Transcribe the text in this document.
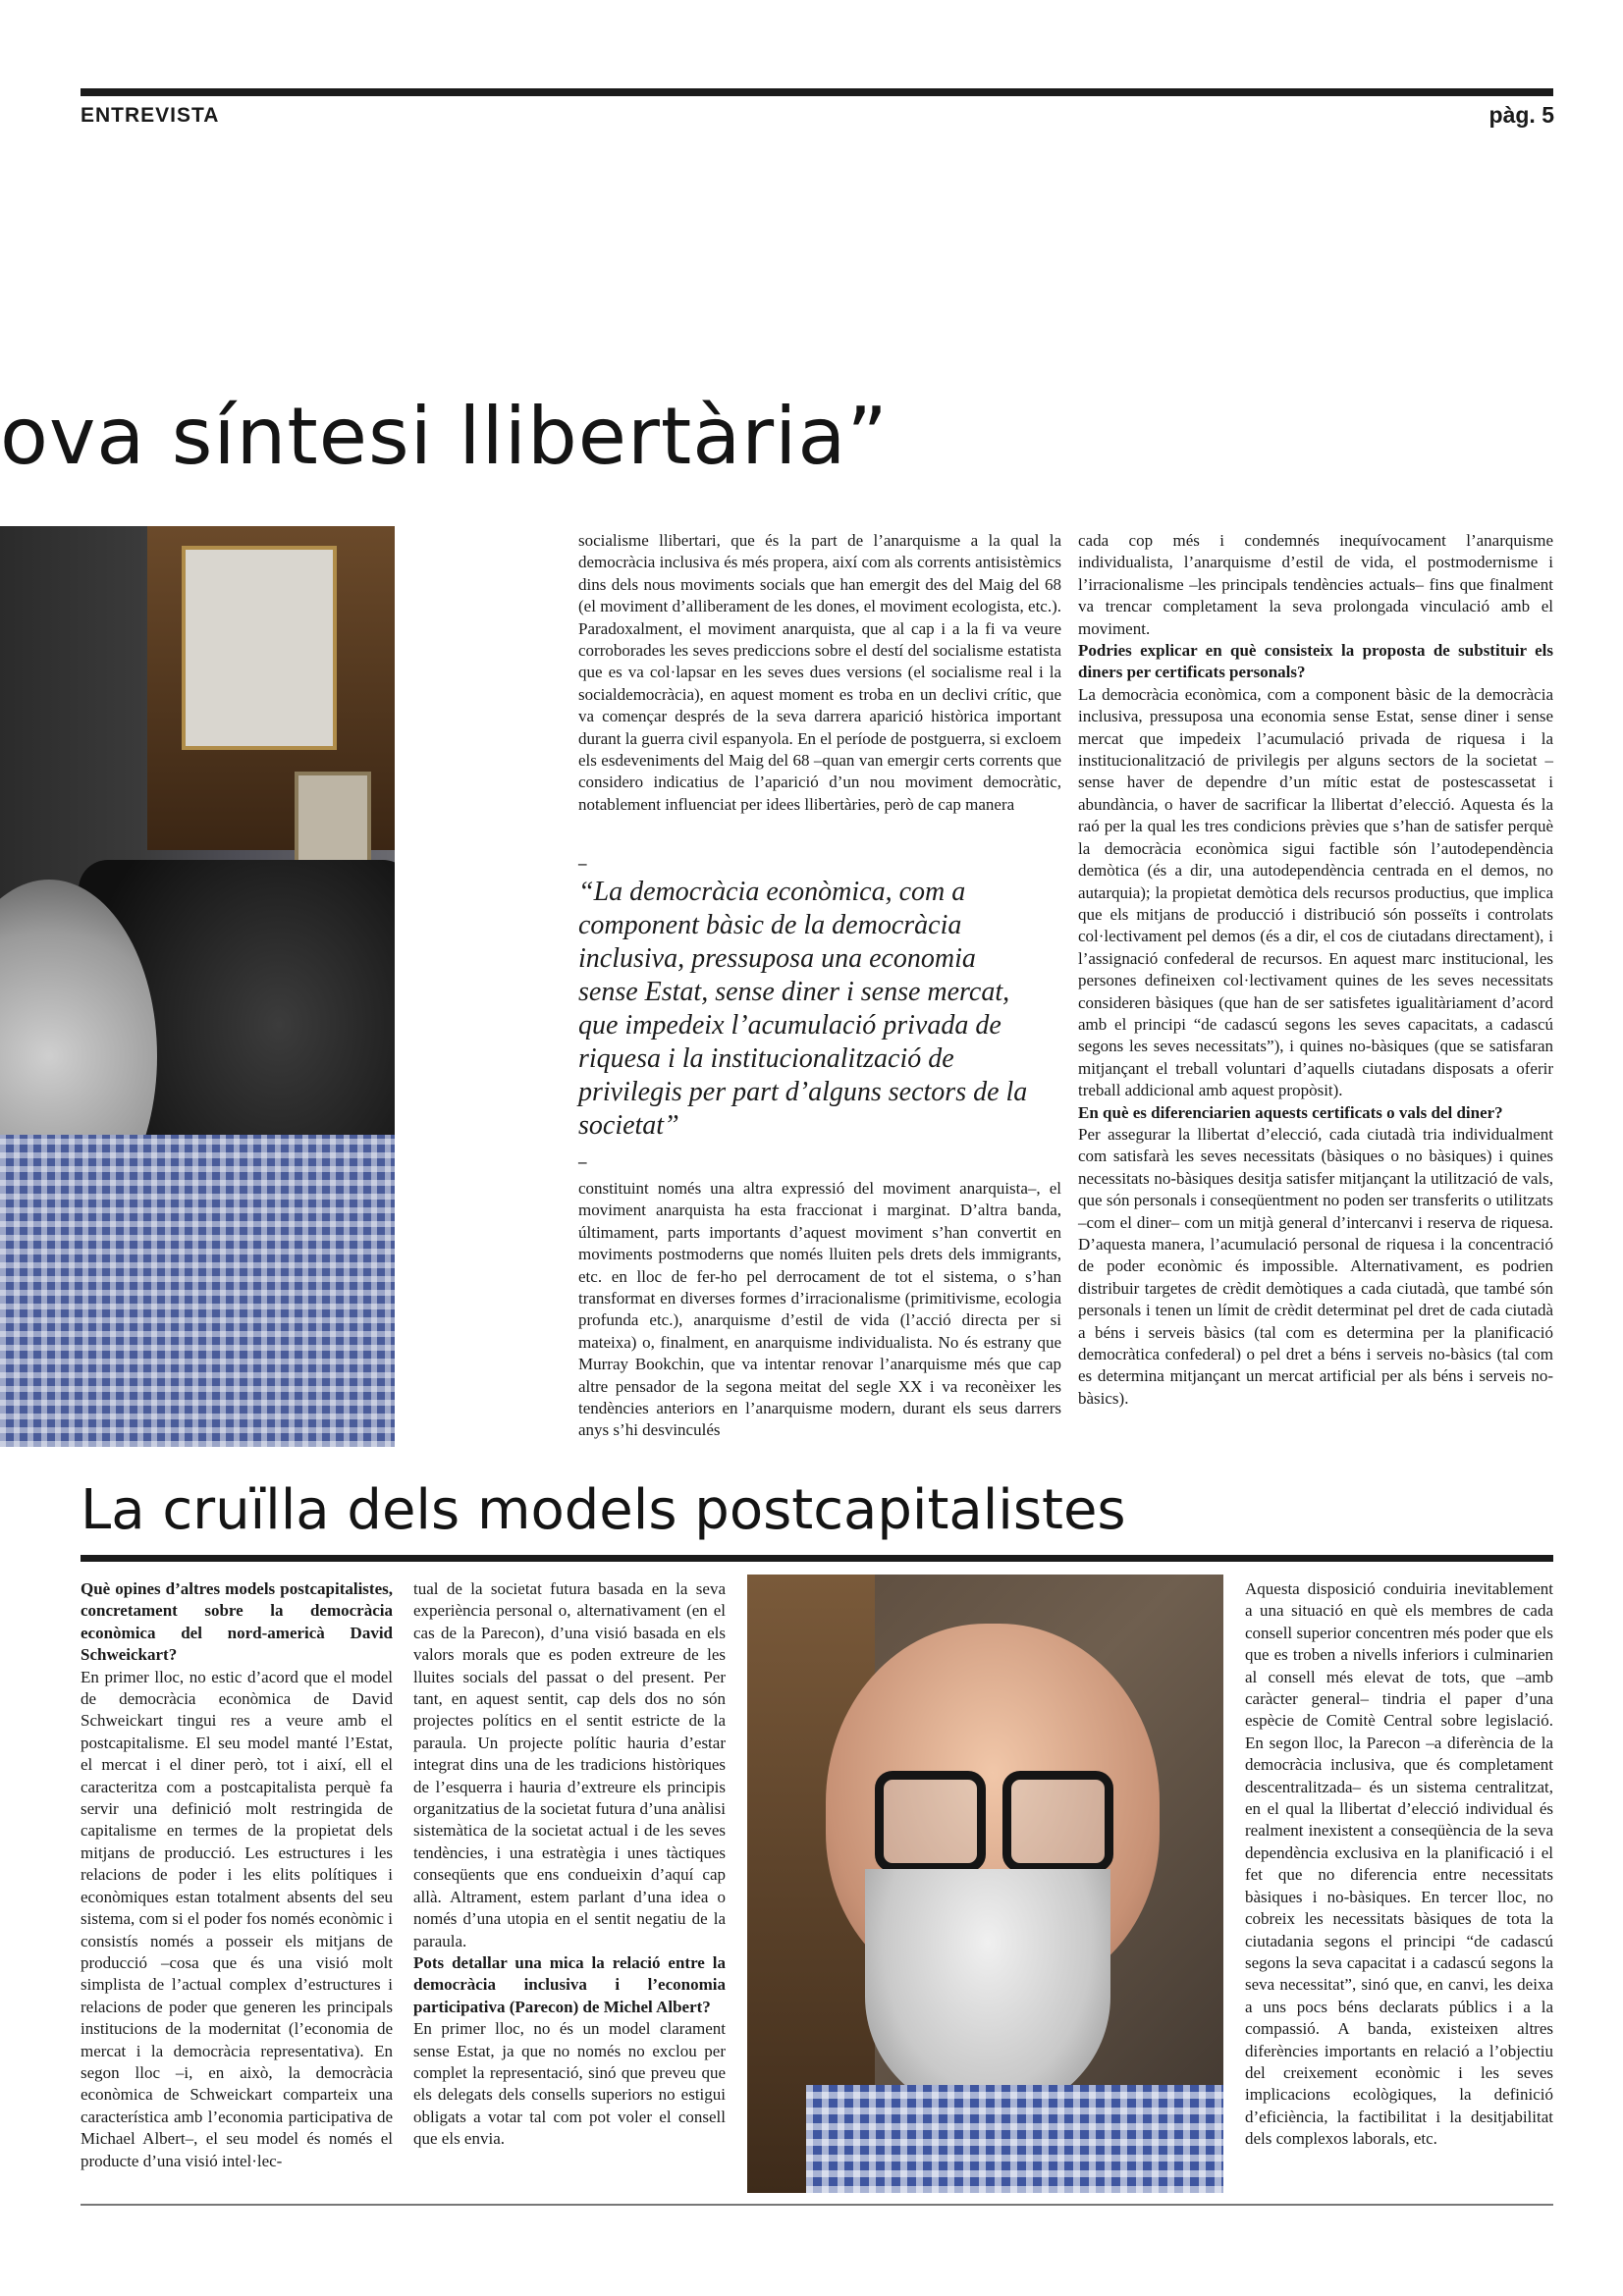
ENTREVISTA	pàg. 5
ova síntesi llibertària”

socialisme llibertari, que és la part de l’anarquisme a la qual la democràcia inclusiva és més propera, així com als corrents antisistèmics dins dels nous moviments socials que han emergit des del Maig del 68 (el moviment d’alliberament de les dones, el moviment ecologista, etc.). Paradoxalment, el moviment anarquista, que al cap i a la fi va veure corroborades les seves prediccions sobre el destí del socialisme estatista que es va col·lapsar en les seves dues versions (el socialisme real i la socialdemocràcia), en aquest moment es troba en un declivi crític, que va començar després de la seva darrera aparició històrica important durant la guerra civil espanyola. En el període de postguerra, si excloem els esdeveniments del Maig del 68 –quan van emergir certs corrents que considero indicatius de l’aparició d’un nou moviment democràtic, notablement influenciat per idees llibertàries, però de cap manera

–
“La democràcia econòmica, com a component bàsic de la democràcia inclusiva, pressuposa una economia sense Estat, sense diner i sense mercat, que impedeix l’acumulació privada de riquesa i la institucionalització de privilegis per part d’alguns sectors de la societat”
–

constituint només una altra expressió del moviment anarquista–, el moviment anarquista ha esta fraccionat i marginat. D’altra banda, últimament, parts importants d’aquest moviment s’han convertit en moviments postmoderns que només lluiten pels drets dels immigrants, etc. en lloc de fer-ho pel derrocament de tot el sistema, o s’han transformat en diverses formes d’irracionalisme (primitivisme, ecologia profunda etc.), anarquisme d’estil de vida (l’acció directa per si mateixa) o, finalment, en anarquisme individualista. No és estrany que Murray Bookchin, que va intentar renovar l’anarquisme més que cap altre pensador de la segona meitat del segle XX i va reconèixer les tendències anteriors en l’anarquisme modern, durant els seus darrers anys s’hi desvinculés

cada cop més i condemnés inequívocament l’anarquisme individualista, l’anarquisme d’estil de vida, el postmodernisme i l’irracionalisme –les principals tendències actuals– fins que finalment va trencar completament la seva prolongada vinculació amb el moviment.

Podries explicar en què consisteix la proposta de substituir els diners per certificats personals?

La democràcia econòmica, com a component bàsic de la democràcia inclusiva, pressuposa una economia sense Estat, sense diner i sense mercat que impedeix l’acumulació privada de riquesa i la institucionalització de privilegis per alguns sectors de la societat –sense haver de dependre d’un mític estat de postescassetat i abundància, o haver de sacrificar la llibertat d’elecció. Aquesta és la raó per la qual les tres condicions prèvies que s’han de satisfer perquè la democràcia econòmica sigui factible són l’autodependència demòtica (és a dir, una autodependència centrada en el demos, no autarquia); la propietat demòtica dels recursos productius, que implica que els mitjans de producció i distribució són posseïts i controlats col·lectivament pel demos (és a dir, el cos de ciutadans directament), i l’assignació confederal de recursos. En aquest marc institucional, les persones defineixen col·lectivament quines de les seves necessitats consideren bàsiques (que han de ser satisfetes igualitàriament d’acord amb el principi “de cadascú segons les seves capacitats, a cadascú segons les seves necessitats”), i quines no-bàsiques (que se satisfaran mitjançant el treball voluntari d’aquells ciutadans disposats a oferir treball addicional amb aquest propòsit).

En què es diferenciarien aquests certificats o vals del diner?

Per assegurar la llibertat d’elecció, cada ciutadà tria individualment com satisfarà les seves necessitats (bàsiques o no bàsiques) i quines necessitats no-bàsiques desitja satisfer mitjançant la utilització de vals, que són personals i conseqüentment no poden ser transferits o utilitzats –com el diner– com un mitjà general d’intercanvi i reserva de riquesa. D’aquesta manera, l’acumulació personal de riquesa i la concentració de poder econòmic és impossible. Alternativament, es podrien distribuir targetes de crèdit demòtiques a cada ciutadà, que també són personals i tenen un límit de crèdit determinat pel dret de cada ciutadà a béns i serveis bàsics (tal com es determina per la planificació democràtica confederal) o pel dret a béns i serveis no-bàsics (tal com es determina mitjançant un mercat artificial per als béns i serveis no-bàsics).

La cruïlla dels models postcapitalistes

Què opines d’altres models postcapitalistes, concretament sobre la democràcia econòmica del nord-americà David Schweickart?

En primer lloc, no estic d’acord que el model de democràcia econòmica de David Schweickart tingui res a veure amb el postcapitalisme. El seu model manté l’Estat, el mercat i el diner però, tot i així, ell el caracteritza com a postcapitalista perquè fa servir una definició molt restringida de capitalisme en termes de la propietat dels mitjans de producció. Les estructures i les relacions de poder i les elits polítiques i econòmiques estan totalment absents del seu sistema, com si el poder fos només econòmic i consistís només a posseir els mitjans de producció –cosa que és una visió molt simplista de l’actual complex d’estructures i relacions de poder que generen les principals institucions de la modernitat (l’economia de mercat i la democràcia representativa). En segon lloc –i, en això, la democràcia econòmica de Schweickart comparteix una característica amb l’economia participativa de Michael Albert–, el seu model és només el producte d’una visió intel·lec-

tual de la societat futura basada en la seva experiència personal o, alternativament (en el cas de la Parecon), d’una visió basada en els valors morals que es poden extreure de les lluites socials del passat o del present. Per tant, en aquest sentit, cap dels dos no són projectes polítics en el sentit estricte de la paraula. Un projecte polític hauria d’estar integrat dins una de les tradicions històriques de l’esquerra i hauria d’extreure els principis organitzatius de la societat futura d’una anàlisi sistemàtica de la societat actual i de les seves tendències, i una estratègia i unes tàctiques conseqüents que ens condueixin d’aquí cap allà. Altrament, estem parlant d’una idea o només d’una utopia en el sentit negatiu de la paraula.

Pots detallar una mica la relació entre la democràcia inclusiva i l’economia participativa (Parecon) de Michel Albert?

En primer lloc, no és un model clarament sense Estat, ja que no només no exclou per complet la representació, sinó que preveu que els delegats dels consells superiors no estigui obligats a votar tal com pot voler el consell que els envia.

Aquesta disposició conduiria inevitablement a una situació en què els membres de cada consell superior concentren més poder que els que es troben a nivells inferiors i culminarien al consell més elevat de tots, que –amb caràcter general– tindria el paper d’una espècie de Comitè Central sobre legislació. En segon lloc, la Parecon –a diferència de la democràcia inclusiva, que és completament descentralitzada– és un sistema centralitzat, en el qual la llibertat d’elecció individual és realment inexistent a conseqüència de la seva dependència exclusiva en la planificació i el fet que no diferencia entre necessitats bàsiques i no-bàsiques. En tercer lloc, no cobreix les necessitats bàsiques de tota la ciutadania segons el principi “de cadascú segons la seva capacitat i a cadascú segons la seva necessitat”, sinó que, en canvi, les deixa a uns pocs béns declarats públics i a la compassió. A banda, existeixen altres diferències importants en relació a l’objectiu del creixement econòmic i les seves implicacions ecològiques, la definició d’eficiència, la factibilitat i la desitjabilitat dels complexos laborals, etc.
